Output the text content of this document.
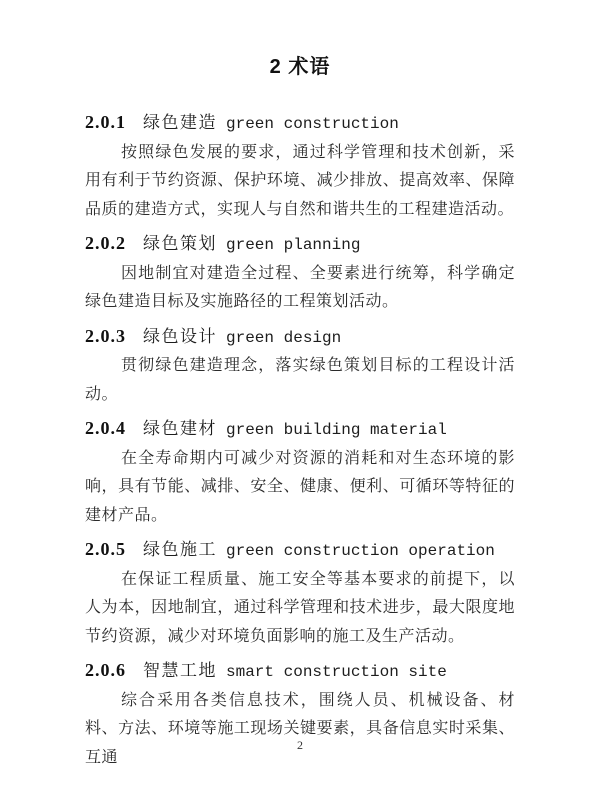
2 术语
2.0.1 绿色建造 green construction

按照绿色发展的要求，通过科学管理和技术创新，采用有利于节约资源、保护环境、减少排放、提高效率、保障品质的建造方式，实现人与自然和谐共生的工程建造活动。

2.0.2 绿色策划 green planning

因地制宜对建造全过程、全要素进行统筹，科学确定绿色建造目标及实施路径的工程策划活动。

2.0.3 绿色设计 green design

贯彻绿色建造理念，落实绿色策划目标的工程设计活动。

2.0.4 绿色建材 green building material

在全寿命期内可减少对资源的消耗和对生态环境的影响，具有节能、减排、安全、健康、便利、可循环等特征的建材产品。

2.0.5 绿色施工 green construction operation

在保证工程质量、施工安全等基本要求的前提下，以人为本，因地制宜，通过科学管理和技术进步，最大限度地节约资源，减少对环境负面影响的施工及生产活动。

2.0.6 智慧工地 smart construction site

综合采用各类信息技术，围绕人员、机械设备、材料、方法、环境等施工现场关键要素，具备信息实时采集、互通

2
